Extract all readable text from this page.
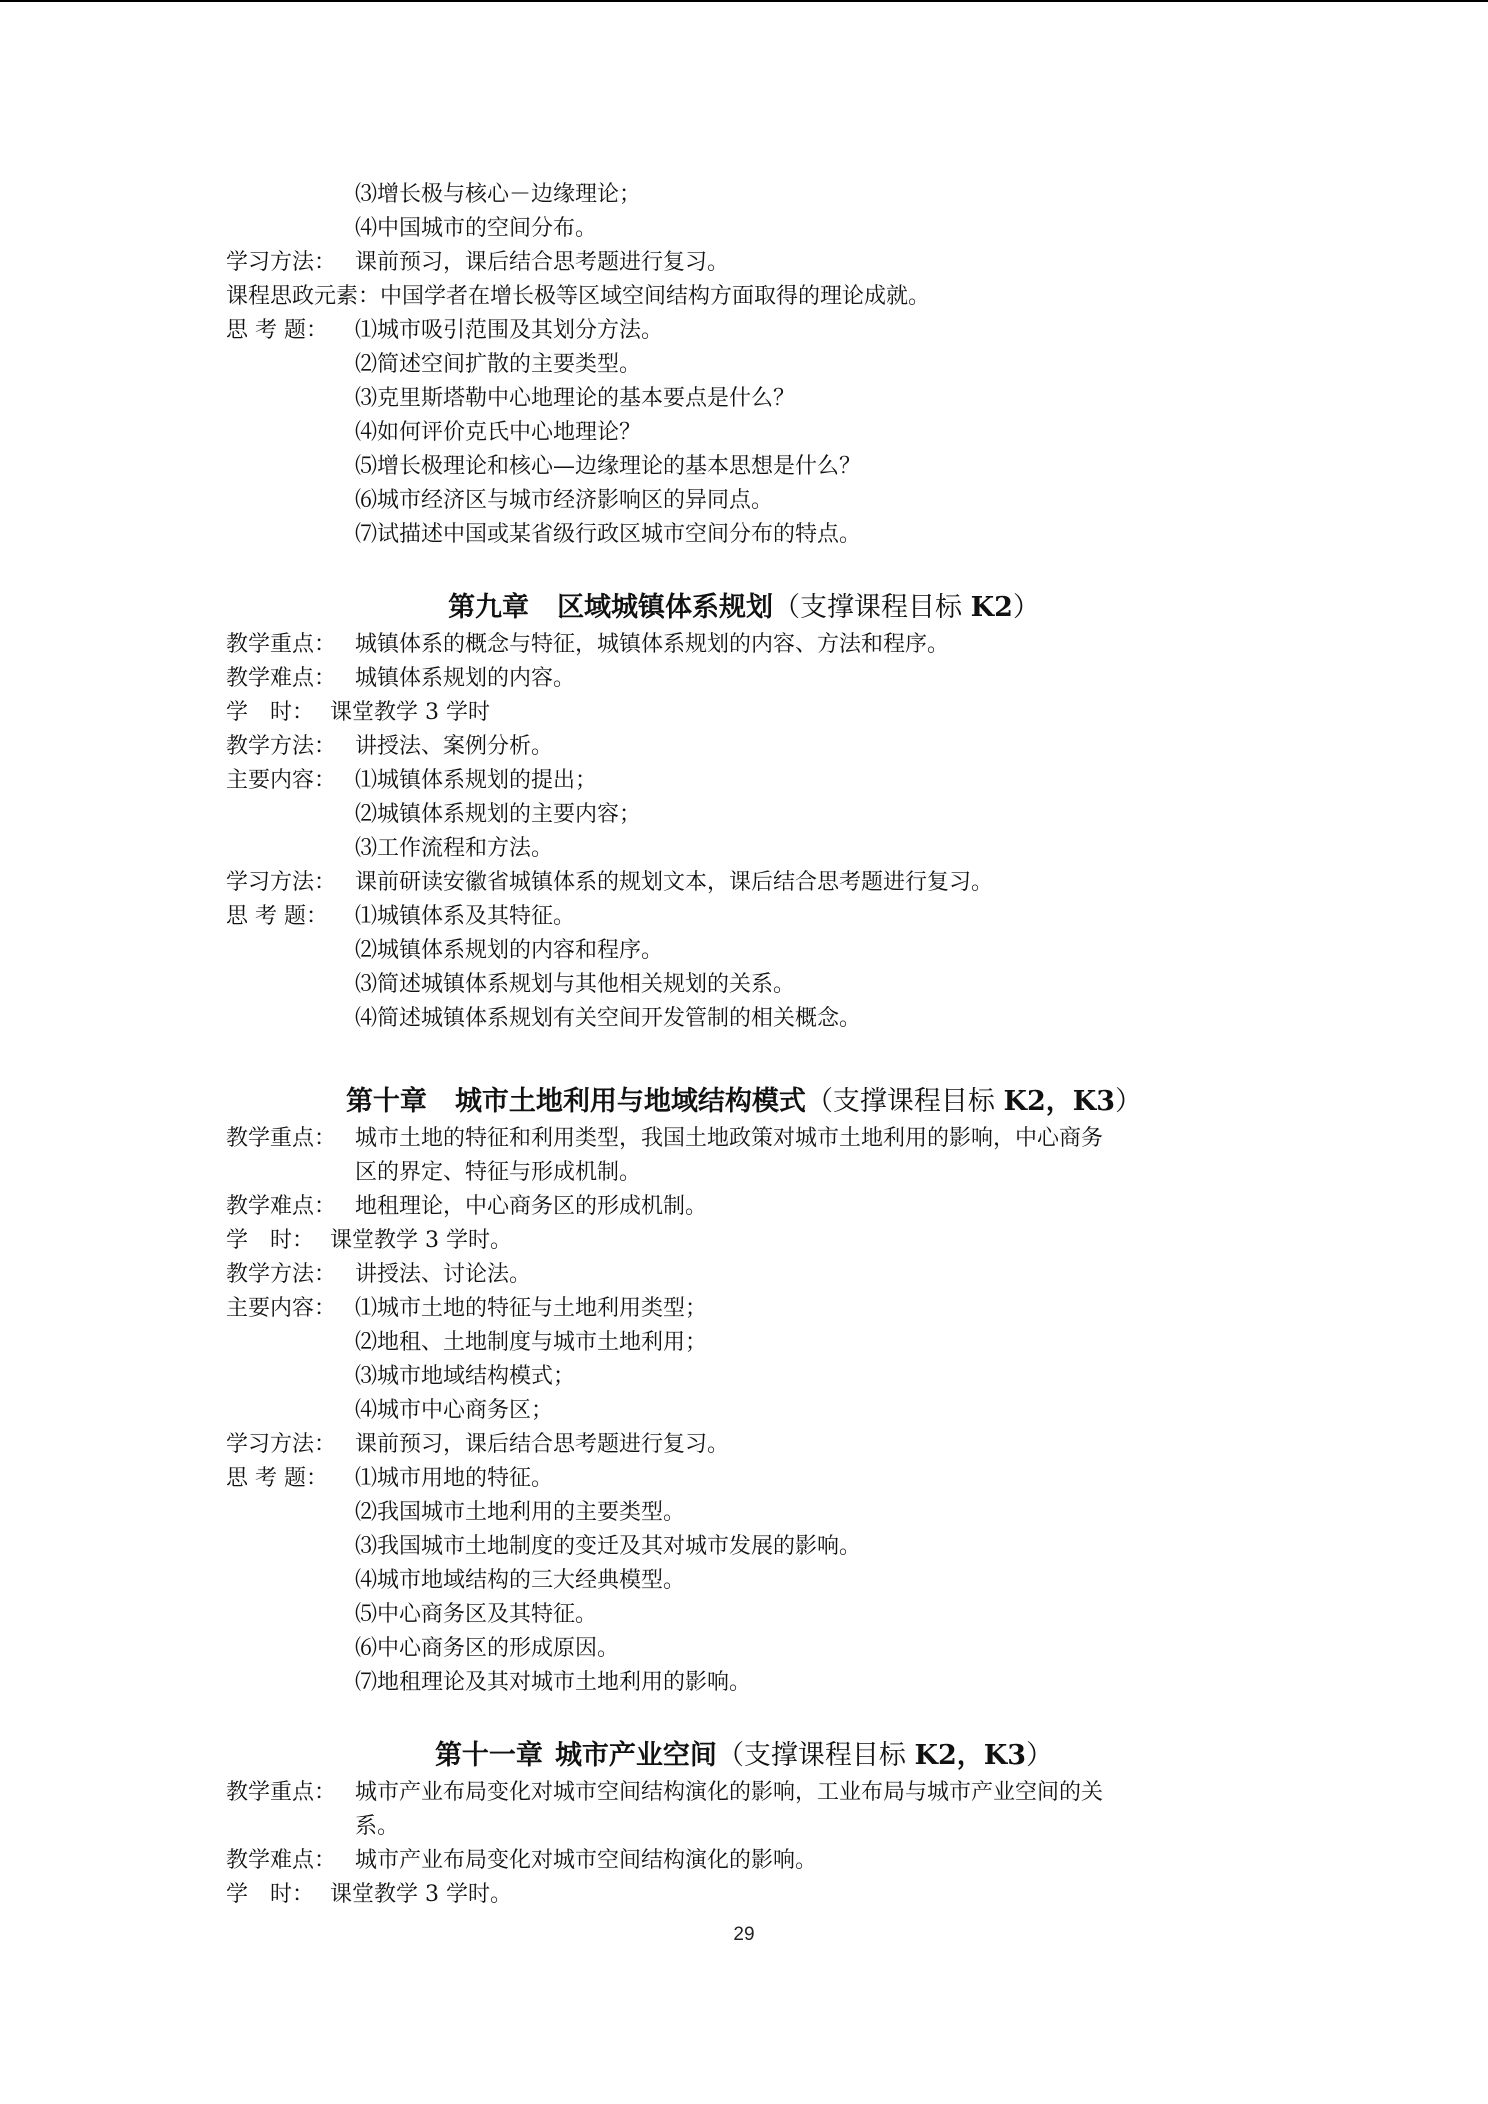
⑶增长极与核心－边缘理论；
⑷中国城市的空间分布。
学习方法： 课前预习，课后结合思考题进行复习。
课程思政元素： 中国学者在增长极等区域空间结构方面取得的理论成就。
思 考 题： ⑴城市吸引范围及其划分方法。
⑵简述空间扩散的主要类型。
⑶克里斯塔勒中心地理论的基本要点是什么？
⑷如何评价克氏中心地理论？
⑸增长极理论和核心—边缘理论的基本思想是什么？
⑹城市经济区与城市经济影响区的异同点。
⑺试描述中国或某省级行政区城市空间分布的特点。
第九章 区域城镇体系规划（支撑课程目标 K2）
教学重点： 城镇体系的概念与特征，城镇体系规划的内容、方法和程序。
教学难点： 城镇体系规划的内容。
学　时： 课堂教学 3 学时
教学方法： 讲授法、案例分析。
主要内容： ⑴城镇体系规划的提出；
⑵城镇体系规划的主要内容；
⑶工作流程和方法。
学习方法： 课前研读安徽省城镇体系的规划文本，课后结合思考题进行复习。
思 考 题： ⑴城镇体系及其特征。
⑵城镇体系规划的内容和程序。
⑶简述城镇体系规划与其他相关规划的关系。
⑷简述城镇体系规划有关空间开发管制的相关概念。
第十章 城市土地利用与地域结构模式（支撑课程目标 K2，K3）
教学重点： 城市土地的特征和利用类型，我国土地政策对城市土地利用的影响，中心商务
区的界定、特征与形成机制。
教学难点： 地租理论，中心商务区的形成机制。
学　时： 课堂教学 3 学时。
教学方法： 讲授法、讨论法。
主要内容： ⑴城市土地的特征与土地利用类型；
⑵地租、土地制度与城市土地利用；
⑶城市地域结构模式；
⑷城市中心商务区；
学习方法： 课前预习，课后结合思考题进行复习。
思 考 题： ⑴城市用地的特征。
⑵我国城市土地利用的主要类型。
⑶我国城市土地制度的变迁及其对城市发展的影响。
⑷城市地域结构的三大经典模型。
⑸中心商务区及其特征。
⑹中心商务区的形成原因。
⑺地租理论及其对城市土地利用的影响。
第十一章 城市产业空间（支撑课程目标 K2，K3）
教学重点： 城市产业布局变化对城市空间结构演化的影响，工业布局与城市产业空间的关
系。
教学难点： 城市产业布局变化对城市空间结构演化的影响。
学　时： 课堂教学 3 学时。
29
